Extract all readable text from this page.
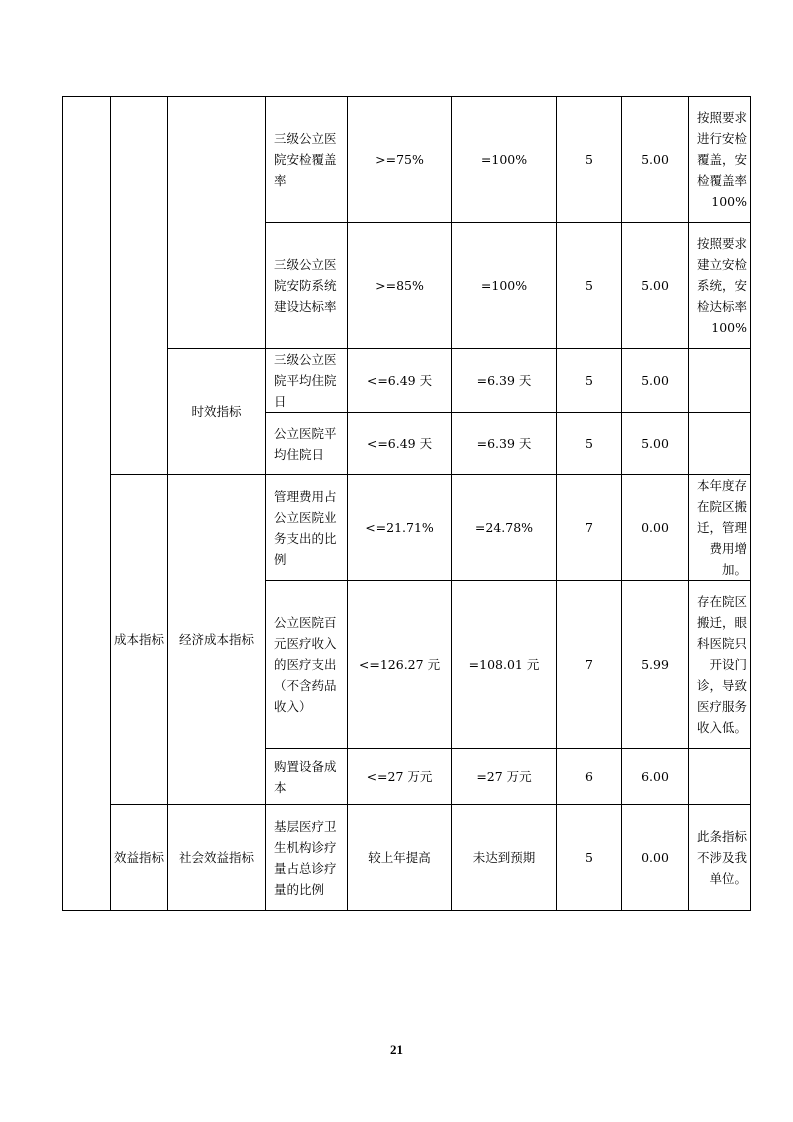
			三级公立医院安检覆盖率	>=75%	=100%	5	5.00	按照要求进行安检覆盖，安检覆盖率100%
			三级公立医院安防系统建设达标率	>=85%	=100%	5	5.00	按照要求建立安检系统，安检达标率100%
		时效指标	三级公立医院平均住院日	<=6.49 天	=6.39 天	5	5.00	
			公立医院平均住院日	<=6.49 天	=6.39 天	5	5.00	
	成本指标	经济成本指标	管理费用占公立医院业务支出的比例	<=21.71%	=24.78%	7	0.00	本年度存在院区搬迁，管理费用增加。
			公立医院百元医疗收入的医疗支出（不含药品收入）	<=126.27 元	=108.01 元	7	5.99	存在院区搬迁，眼科医院只开设门诊，导致医疗服务收入低。
			购置设备成本	<=27 万元	=27 万元	6	6.00	
	效益指标	社会效益指标	基层医疗卫生机构诊疗量占总诊疗量的比例	较上年提高	未达到预期	5	0.00	此条指标不涉及我单位。
21
